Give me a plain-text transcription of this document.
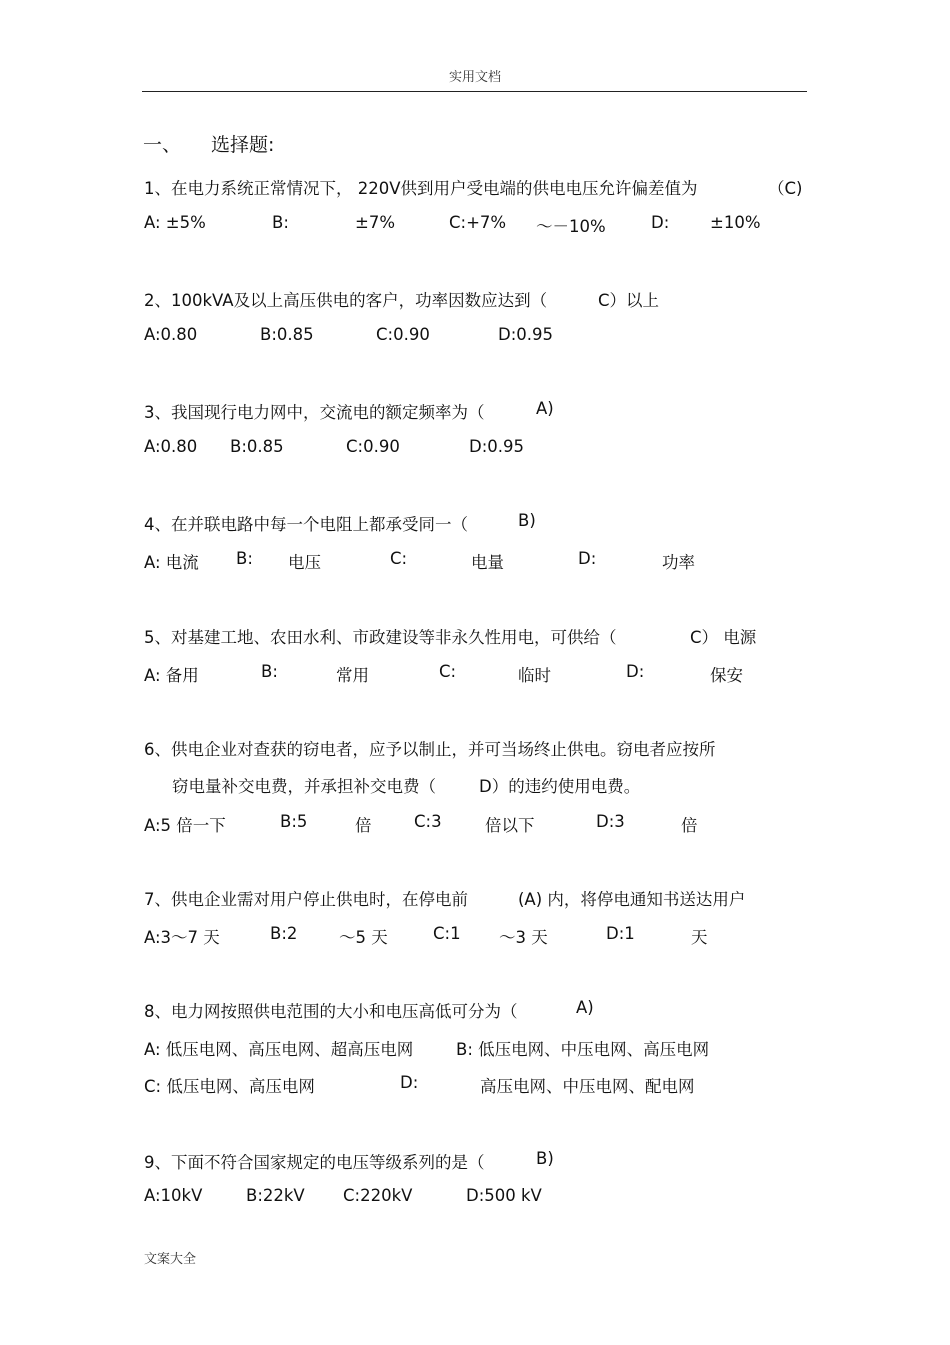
实用文档
一、 选择题:
1、在电力系统正常情况下， 220V供到用户受电端的供电电压允许偏差值为	（C)
A: ±5%	B:	±7%	C:+7% ～－10%	D: ±10%
2、100kVA及以上高压供电的客户，功率因数应达到（	C）以上
A:0.80	B:0.85	C:0.90	D:0.95
3、我国现行电力网中，交流电的额定频率为（	A)
A:0.80 B:0.85	C:0.90	D:0.95
4、在并联电路中每一个电阻上都承受同一（	B)
A: 电流 B: 电压	C:	电量	D:	功率
5、对基建工地、农田水利、市政建设等非永久性用电，可供给（	C） 电源
A: 备用	B:	常用	C:	临时	D:	保安
6、供电企业对查获的窃电者，应予以制止，并可当场终止供电。窃电者应按所
窃电量补交电费，并承担补交电费（	D）的违约使用电费。
A:5 倍一下	B:5	倍	C:3	倍以下	D:3	倍
7、供电企业需对用户停止供电时，在停电前	(A) 内，将停电通知书送达用户
A:3～7 天	B:2	～5 天	C:1 ～3 天	D:1	天
8、电力网按照供电范围的大小和电压高低可分为（	A)
A: 低压电网、高压电网、超高压电网	B: 低压电网、中压电网、高压电网
C: 低压电网、高压电网	D:	高压电网、中压电网、配电网
9、下面不符合国家规定的电压等级系列的是（	B)
A:10kV	B:22kV C:220kV	D:500 kV
文案大全
